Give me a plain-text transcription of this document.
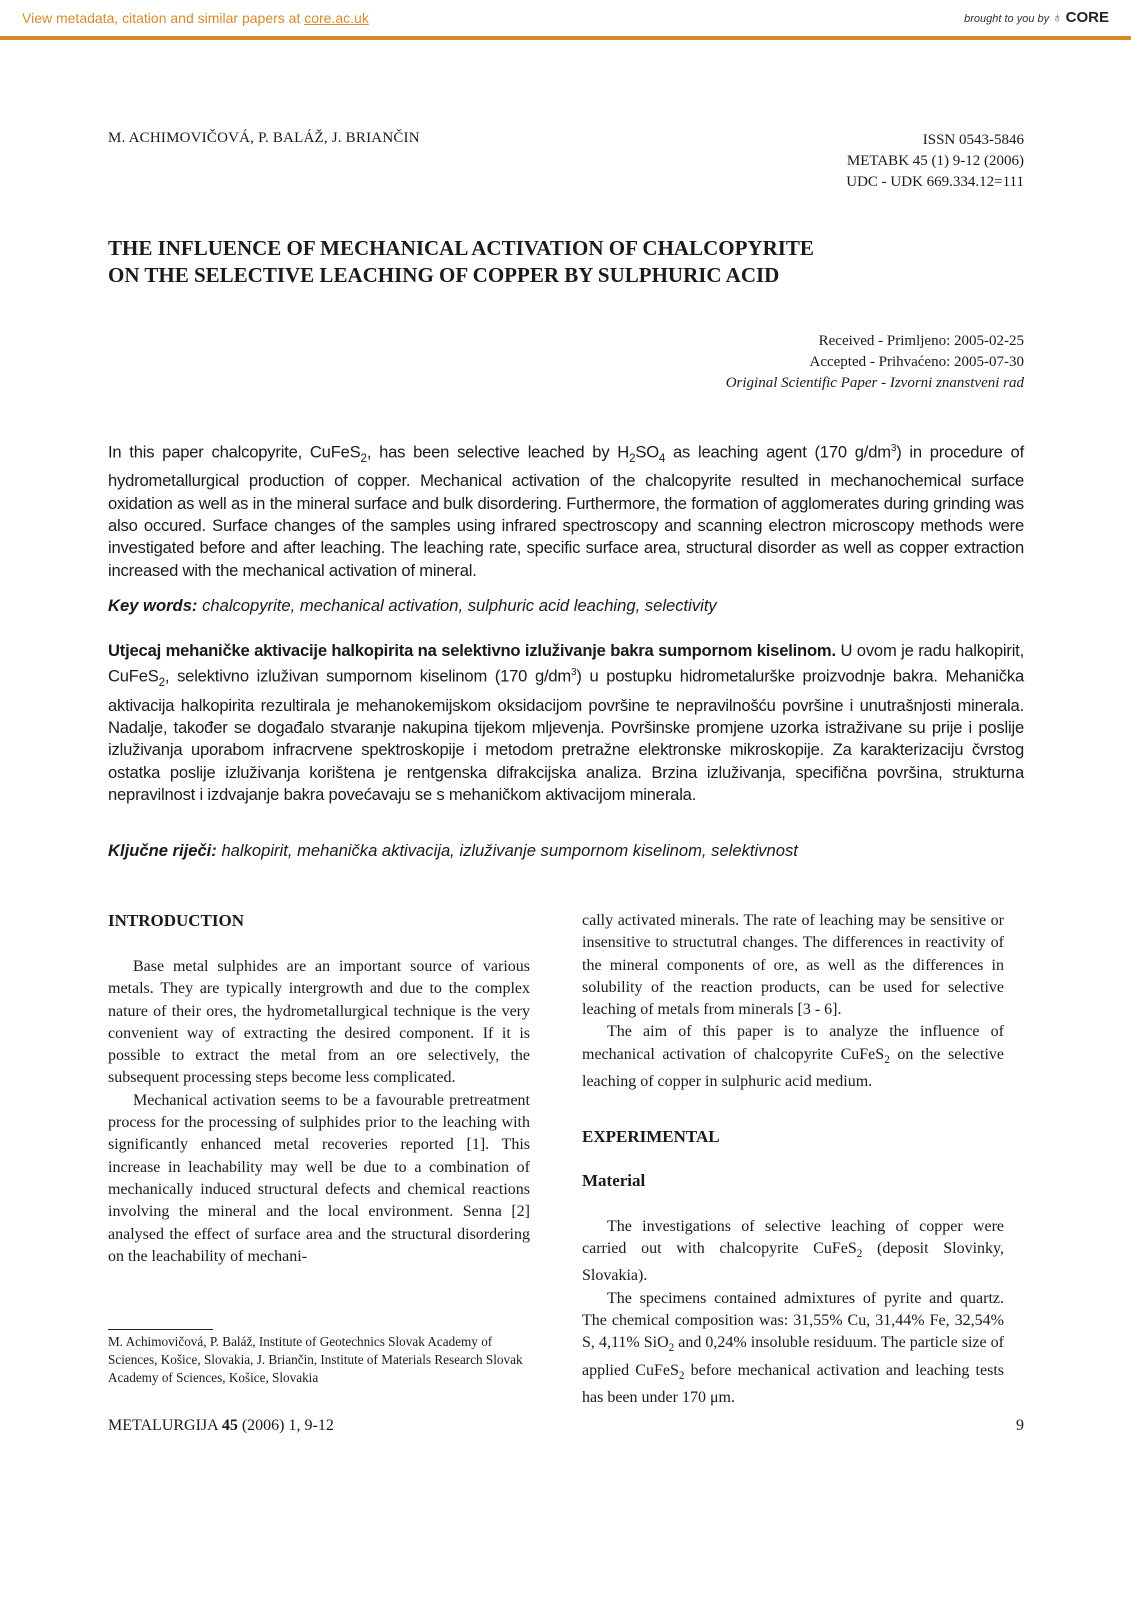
View metadata, citation and similar papers at core.ac.uk	brought to you by ♁ CORE
M. ACHIMOVIČOVÁ, P. BALÁŽ, J. BRIANČIN	ISSN 0543-5846
METABK 45 (1) 9-12 (2006)
UDC - UDK 669.334.12=111
THE INFLUENCE OF MECHANICAL ACTIVATION OF CHALCOPYRITE
ON THE SELECTIVE LEACHING OF COPPER BY SULPHURIC ACID
Received - Primljeno: 2005-02-25
Accepted - Prihvaćeno: 2005-07-30
Original Scientific Paper - Izvorni znanstveni rad
In this paper chalcopyrite, CuFeS$_2$, has been selective leached by $H_2SO_4$ as leaching agent (170 $g/dm^3$) in procedure of hydrometallurgical production of copper. Mechanical activation of the chalcopyrite resulted in mechanochemical surface oxidation as well as in the mineral surface and bulk disordering. Furthermore, the formation of agglomerates during grinding was also occured. Surface changes of the samples using infrared spectroscopy and scanning electron microscopy methods were investigated before and after leaching. The leaching rate, specific surface area, structural disorder as well as copper extraction increased with the mechanical activation of mineral.
Key words: chalcopyrite, mechanical activation, sulphuric acid leaching, selectivity
Utjecaj mehaničke aktivacije halkopirita na selektivno izluživanje bakra sumpornom kiselinom. U ovom je radu halkopirit, CuFeS$_2$, selektivno izluživan sumpornom kiselinom (170 $g/dm^3$) u postupku hidrometalurške proizvodnje bakra. Mehanička aktivacija halkopirita rezultirala je mehanokemijskom oksidacijom površine te nepravilnošću površine i unutrašnjosti minerala. Nadalje, također se događalo stvaranje nakupina tijekom mljevenja. Površinske promjene uzorka istraživane su prije i poslije izluživanja uporabom infracrvene spektroskopije i metodom pretražne elektronske mikroskopije. Za karakterizaciju čvrstog ostatka poslije izluživanja korištena je rentgenska difrakcijska analiza. Brzina izluživanja, specifična površina, strukturna nepravilnost i izdvajanje bakra povećavaju se s mehaničkom aktivacijom minerala.
Ključne riječi: halkopirit, mehanička aktivacija, izluživanje sumpornom kiselinom, selektivnost
INTRODUCTION

Base metal sulphides are an important source of various metals. They are typically intergrowth and due to the complex nature of their ores, the hydrometallurgical technique is the very convenient way of extracting the desired component. If it is possible to extract the metal from an ore selectively, the subsequent processing steps become less complicated.

Mechanical activation seems to be a favourable pretreatment process for the processing of sulphides prior to the leaching with significantly enhanced metal recoveries reported [1]. This increase in leachability may well be due to a combination of mechanically induced structural defects and chemical reactions involving the mineral and the local environment. Senna [2] analysed the effect of surface area and the structural disordering on the leachability of mechani-

cally activated minerals. The rate of leaching may be sensitive or insensitive to structutral changes. The differences in reactivity of the mineral components of ore, as well as the differences in solubility of the reaction products, can be used for selective leaching of metals from minerals [3 - 6].

The aim of this paper is to analyze the influence of mechanical activation of chalcopyrite CuFeS$_2$ on the selective leaching of copper in sulphuric acid medium.

EXPERIMENTAL
Material

The investigations of selective leaching of copper were carried out with chalcopyrite CuFeS$_2$ (deposit Slovinky, Slovakia).

The specimens contained admixtures of pyrite and quartz. The chemical composition was: 31,55% Cu, 31,44% Fe, 32,54% S, 4,11% SiO$_2$ and 0,24% insoluble residuum. The particle size of applied CuFeS$_2$ before mechanical activation and leaching tests has been under 170 μm.

M. Achimovičová, P. Baláž, Institute of Geotechnics Slovak Academy of Sciences, Košice, Slovakia, J. Briančin, Institute of Materials Research Slovak Academy of Sciences, Košice, Slovakia
METALURGIJA 45 (2006) 1, 9-12	9
